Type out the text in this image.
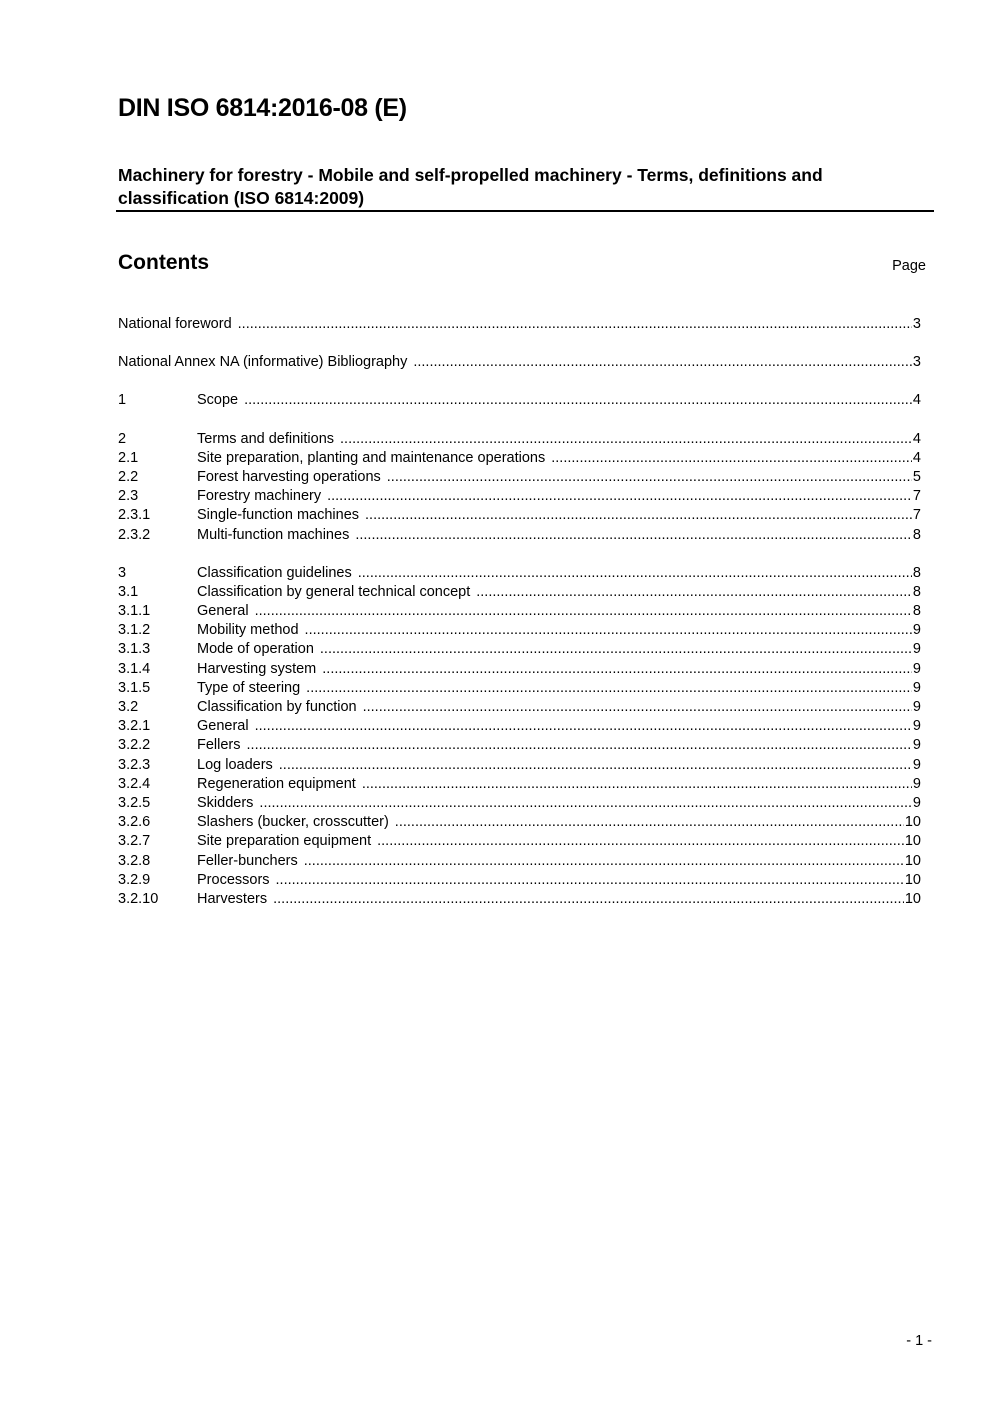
DIN ISO 6814:2016-08 (E)
Machinery for forestry - Mobile and self-propelled machinery - Terms, definitions and classification (ISO 6814:2009)
Contents	Page
National foreword .....	3
National Annex NA (informative) Bibliography .....	3
1	Scope .....	4
2	Terms and definitions .....	4
2.1	Site preparation, planting and maintenance operations .....	4
2.2	Forest harvesting operations .....	5
2.3	Forestry machinery .....	7
2.3.1	Single-function machines .....	7
2.3.2	Multi-function machines .....	8
3	Classification guidelines .....	8
3.1	Classification by general technical concept .....	8
3.1.1	General .....	8
3.1.2	Mobility method .....	9
3.1.3	Mode of operation .....	9
3.1.4	Harvesting system .....	9
3.1.5	Type of steering .....	9
3.2	Classification by function .....	9
3.2.1	General .....	9
3.2.2	Fellers .....	9
3.2.3	Log loaders .....	9
3.2.4	Regeneration equipment .....	9
3.2.5	Skidders .....	9
3.2.6	Slashers (bucker, crosscutter) .....	10
3.2.7	Site preparation equipment .....	10
3.2.8	Feller-bunchers .....	10
3.2.9	Processors .....	10
3.2.10	Harvesters .....	10
- 1 -
